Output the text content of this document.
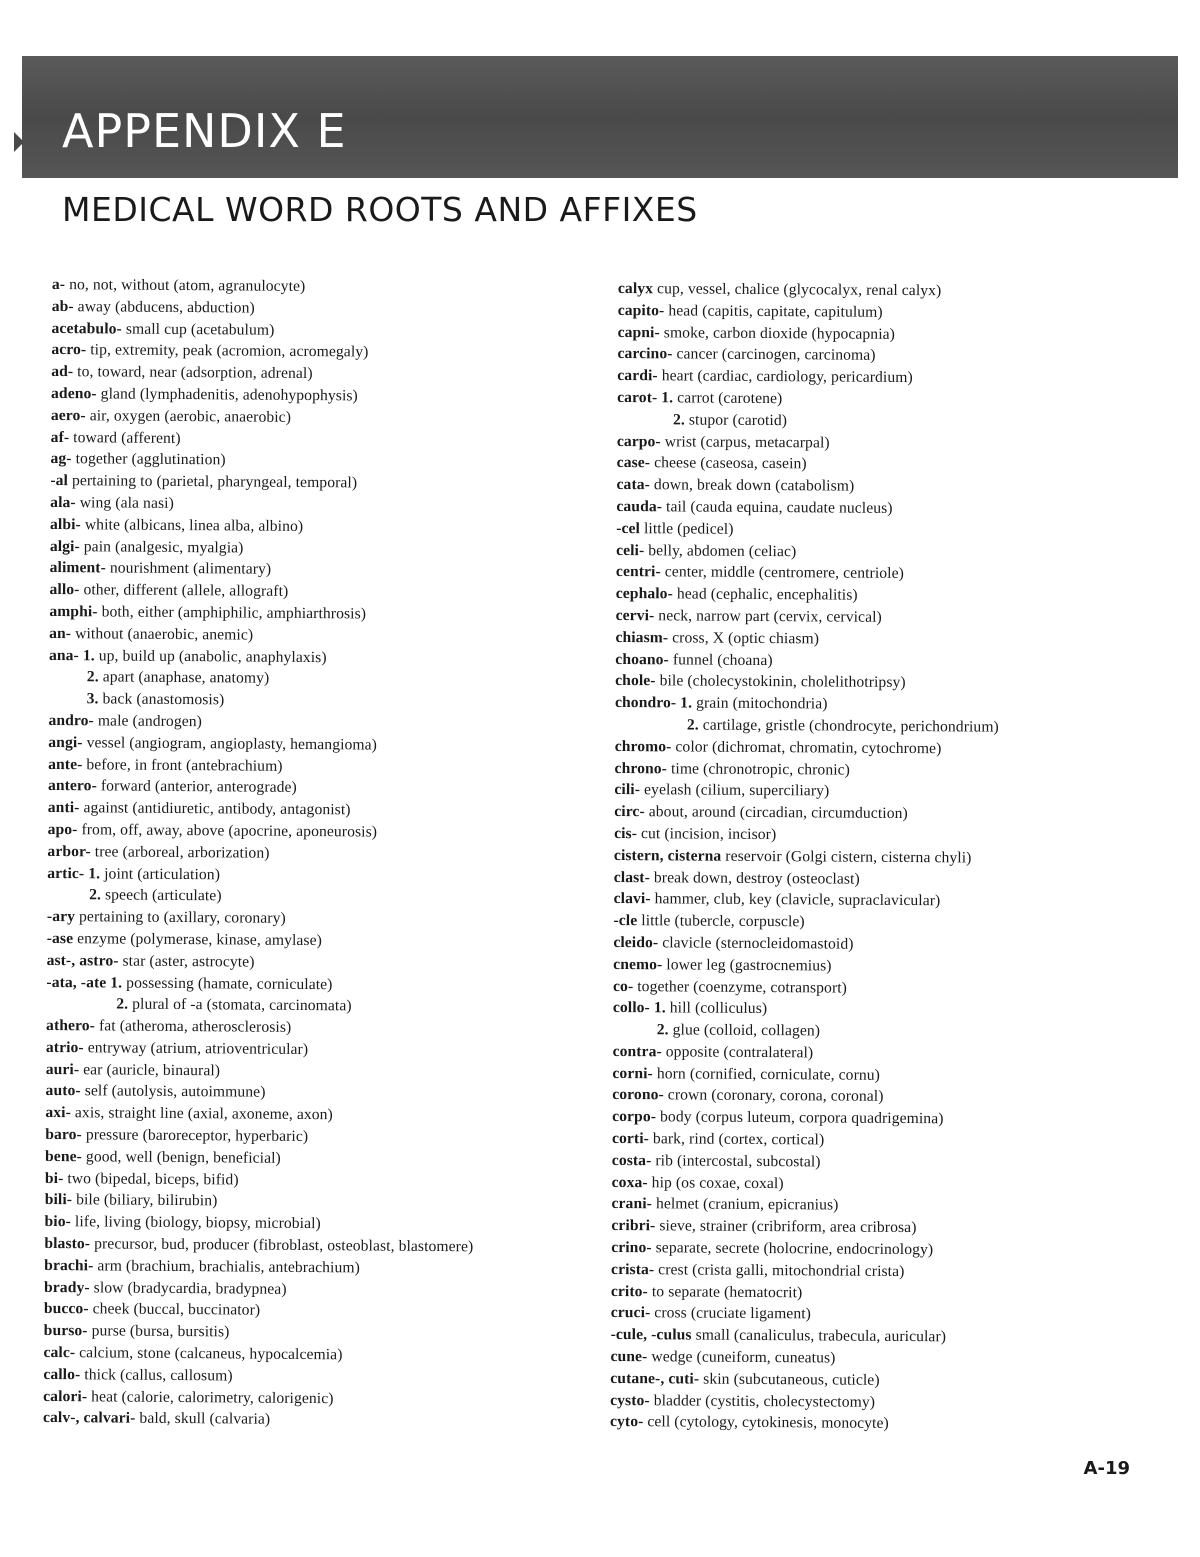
APPENDIX E
MEDICAL WORD ROOTS AND AFFIXES
a- no, not, without (atom, agranulocyte)
ab- away (abducens, abduction)
acetabulo- small cup (acetabulum)
acro- tip, extremity, peak (acromion, acromegaly)
ad- to, toward, near (adsorption, adrenal)
adeno- gland (lymphadenitis, adenohypophysis)
aero- air, oxygen (aerobic, anaerobic)
af- toward (afferent)
ag- together (agglutination)
-al pertaining to (parietal, pharyngeal, temporal)
ala- wing (ala nasi)
albi- white (albicans, linea alba, albino)
algi- pain (analgesic, myalgia)
aliment- nourishment (alimentary)
allo- other, different (allele, allograft)
amphi- both, either (amphiphilic, amphiarthrosis)
an- without (anaerobic, anemic)
ana- 1. up, build up (anabolic, anaphylaxis)
2. apart (anaphase, anatomy)
3. back (anastomosis)
andro- male (androgen)
angi- vessel (angiogram, angioplasty, hemangioma)
ante- before, in front (antebrachium)
antero- forward (anterior, anterograde)
anti- against (antidiuretic, antibody, antagonist)
apo- from, off, away, above (apocrine, aponeurosis)
arbor- tree (arboreal, arborization)
artic- 1. joint (articulation)
2. speech (articulate)
-ary pertaining to (axillary, coronary)
-ase enzyme (polymerase, kinase, amylase)
ast-, astro- star (aster, astrocyte)
-ata, -ate 1. possessing (hamate, corniculate)
2. plural of -a (stomata, carcinomata)
athero- fat (atheroma, atherosclerosis)
atrio- entryway (atrium, atrioventricular)
auri- ear (auricle, binaural)
auto- self (autolysis, autoimmune)
axi- axis, straight line (axial, axoneme, axon)
baro- pressure (baroreceptor, hyperbaric)
bene- good, well (benign, beneficial)
bi- two (bipedal, biceps, bifid)
bili- bile (biliary, bilirubin)
bio- life, living (biology, biopsy, microbial)
blasto- precursor, bud, producer (fibroblast, osteoblast, blastomere)
brachi- arm (brachium, brachialis, antebrachium)
brady- slow (bradycardia, bradypnea)
bucco- cheek (buccal, buccinator)
burso- purse (bursa, bursitis)
calc- calcium, stone (calcaneus, hypocalcemia)
callo- thick (callus, callosum)
calori- heat (calorie, calorimetry, calorigenic)
calv-, calvari- bald, skull (calvaria)
calyx cup, vessel, chalice (glycocalyx, renal calyx)
capito- head (capitis, capitate, capitulum)
capni- smoke, carbon dioxide (hypocapnia)
carcino- cancer (carcinogen, carcinoma)
cardi- heart (cardiac, cardiology, pericardium)
carot- 1. carrot (carotene)
2. stupor (carotid)
carpo- wrist (carpus, metacarpal)
case- cheese (caseosa, casein)
cata- down, break down (catabolism)
cauda- tail (cauda equina, caudate nucleus)
-cel little (pedicel)
celi- belly, abdomen (celiac)
centri- center, middle (centromere, centriole)
cephalo- head (cephalic, encephalitis)
cervi- neck, narrow part (cervix, cervical)
chiasm- cross, X (optic chiasm)
choano- funnel (choana)
chole- bile (cholecystokinin, cholelithotripsy)
chondro- 1. grain (mitochondria)
2. cartilage, gristle (chondrocyte, perichondrium)
chromo- color (dichromat, chromatin, cytochrome)
chrono- time (chronotropic, chronic)
cili- eyelash (cilium, superciliary)
circ- about, around (circadian, circumduction)
cis- cut (incision, incisor)
cistern, cisterna reservoir (Golgi cistern, cisterna chyli)
clast- break down, destroy (osteoclast)
clavi- hammer, club, key (clavicle, supraclavicular)
-cle little (tubercle, corpuscle)
cleido- clavicle (sternocleidomastoid)
cnemo- lower leg (gastrocnemius)
co- together (coenzyme, cotransport)
collo- 1. hill (colliculus)
2. glue (colloid, collagen)
contra- opposite (contralateral)
corni- horn (cornified, corniculate, cornu)
corono- crown (coronary, corona, coronal)
corpo- body (corpus luteum, corpora quadrigemina)
corti- bark, rind (cortex, cortical)
costa- rib (intercostal, subcostal)
coxa- hip (os coxae, coxal)
crani- helmet (cranium, epicranius)
cribri- sieve, strainer (cribriform, area cribrosa)
crino- separate, secrete (holocrine, endocrinology)
crista- crest (crista galli, mitochondrial crista)
crito- to separate (hematocrit)
cruci- cross (cruciate ligament)
-cule, -culus small (canaliculus, trabecula, auricular)
cune- wedge (cuneiform, cuneatus)
cutane-, cuti- skin (subcutaneous, cuticle)
cysto- bladder (cystitis, cholecystectomy)
cyto- cell (cytology, cytokinesis, monocyte)
A-19
